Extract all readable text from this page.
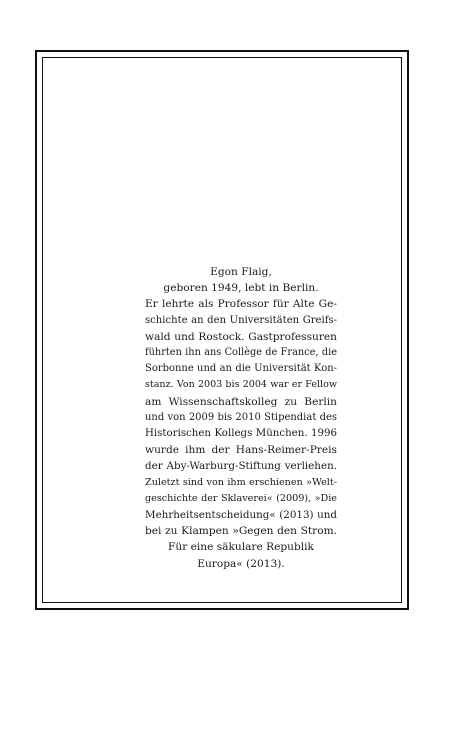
Egon Flaig,
geboren 1949, lebt in Berlin.
Er lehrte als Professor für Alte Ge-
schichte an den Universitäten Greifs-
wald und Rostock. Gastprofessuren
führten ihn ans Collège de France, die
Sorbonne und an die Universität Kon-
stanz. Von 2003 bis 2004 war er Fellow
am Wissenschaftskolleg zu Berlin
und von 2009 bis 2010 Stipendiat des
Historischen Kollegs München. 1996
wurde ihm der Hans-Reimer-Preis
der Aby-Warburg-Stiftung verliehen.
Zuletzt sind von ihm erschienen »Welt-
geschichte der Sklaverei« (2009), »Die
Mehrheitsentscheidung« (2013) und
bei zu Klampen »Gegen den Strom.
Für eine säkulare Republik
Europa« (2013).
